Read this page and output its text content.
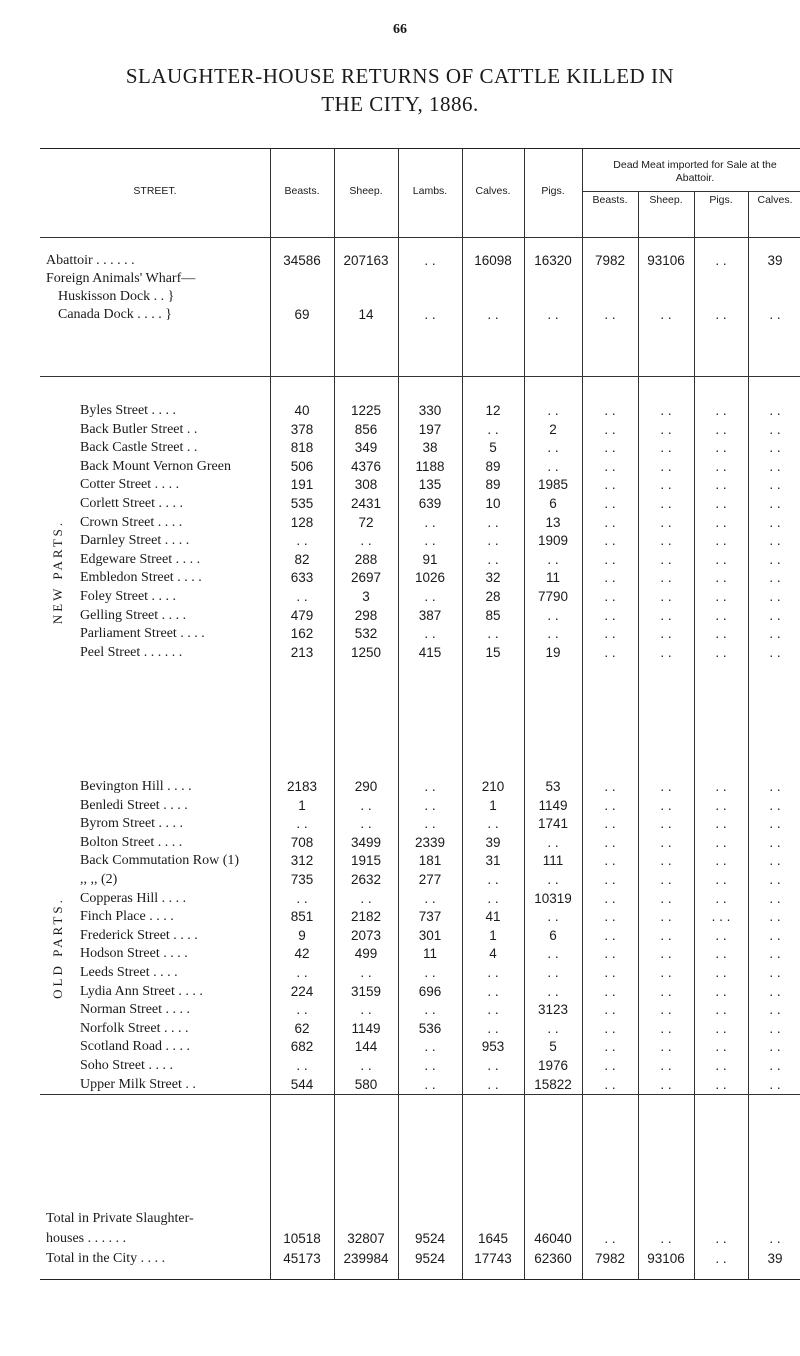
66
SLAUGHTER-HOUSE RETURNS OF CATTLE KILLED IN
THE CITY, 1886.
STREET.	Beasts.	Sheep.	Lambs.	Calves.	Pigs.
Dead Meat imported for Sale at the Abattoir.
Beasts.	Sheep.	Pigs.	Calves.
NEW PARTS.
OLD PARTS.
Abattoir . . . . . .	34586	207163	. .	16098	16320	7982	93106	. .	39
Foreign Animals' Wharf—
Huskisson Dock . . }
Canada Dock . . . . }	69	14	. .	. .	. .	. .	. .	. .	. .
Byles Street . . . .	40	1225	330	12	. .	. .	. .	. .	. .
Back Butler Street . .	378	856	197	. .	2	. .	. .	. .	. .
Back Castle Street . .	818	349	38	5	. .	. .	. .	. .	. .
Back Mount Vernon Green	506	4376	1188	89	. .	. .	. .	. .	. .
Cotter Street . . . .	191	308	135	89	1985	. .	. .	. .	. .
Corlett Street . . . .	535	2431	639	10	6	. .	. .	. .	. .
Crown Street . . . .	128	72	. .	. .	13	. .	. .	. .	. .
Darnley Street . . . .	. .	. .	. .	. .	1909	. .	. .	. .	. .
Edgeware Street . . . .	82	288	91	. .	. .	. .	. .	. .	. .
Embledon Street . . . .	633	2697	1026	32	11	. .	. .	. .	. .
Foley Street . . . .	. .	3	. .	28	7790	. .	. .	. .	. .
Gelling Street . . . .	479	298	387	85	. .	. .	. .	. .	. .
Parliament Street . . . .	162	532	. .	. .	. .	. .	. .	. .	. .
Peel Street . . . . . .	213	1250	415	15	19	. .	. .	. .	. .
Bevington Hill . . . .	2183	290	. .	210	53	. .	. .	. .	. .
Benledi Street . . . .	1	. .	. .	1	1149	. .	. .	. .	. .
Byrom Street . . . .	. .	. .	. .	. .	1741	. .	. .	. .	. .
Bolton Street . . . .	708	3499	2339	39	. .	. .	. .	. .	. .
Back Commutation Row (1)	312	1915	181	31	111	. .	. .	. .	. .
,, ,, (2)	735	2632	277	. .	. .	. .	. .	. .	. .
Copperas Hill . . . .	. .	. .	. .	. .	10319	. .	. .	. .	. .
Finch Place . . . .	851	2182	737	41	. .	. .	. .	. . .	. .
Frederick Street . . . .	9	2073	301	1	6	. .	. .	. .	. .
Hodson Street . . . .	42	499	11	4	. .	. .	. .	. .	. .
Leeds Street . . . .	. .	. .	. .	. .	. .	. .	. .	. .	. .
Lydia Ann Street . . . .	224	3159	696	. .	. .	. .	. .	. .	. .
Norman Street . . . .	. .	. .	. .	. .	3123	. .	. .	. .	. .
Norfolk Street . . . .	62	1149	536	. .	. .	. .	. .	. .	. .
Scotland Road . . . .	682	144	. .	953	5	. .	. .	. .	. .
Soho Street . . . .	. .	. .	. .	. .	1976	. .	. .	. .	. .
Upper Milk Street . .	544	580	. .	. .	15822	. .	. .	. .	. .
Total in Private Slaughter-
houses . . . . . .	10518	32807	9524	1645	46040	. .	. .	. .	. .
Total in the City . . . .	45173	239984	9524	17743	62360	7982	93106	. .	39
